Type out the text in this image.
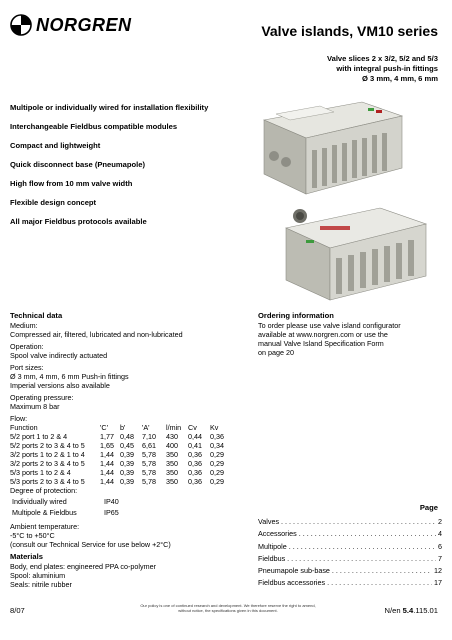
NORGREN	Valve islands, VM10 series
Valve slices 2 x 3/2, 5/2 and 5/3
with integral push-in fittings
Ø 3 mm, 4 mm, 6 mm
Multipole or individually wired for installation flexibility
Interchangeable Fieldbus compatible modules
Compact and lightweight
Quick disconnect base (Pneumapole)
High flow from 10 mm valve width
Flexible design concept
All major Fieldbus protocols available
Technical data
Medium:
Compressed air, filtered, lubricated and non-lubricated
Operation:
Spool valve indirectly actuated
Port sizes:
Ø 3 mm, 4 mm, 6 mm Push-in fittings
Imperial versions also available
Operating pressure:
Maximum 8 bar
Flow:
Function	'C'	b'	'A'	l/min	Cv	Kv
5/2 port 1 to 2 & 4	1,77	0,48	7,10	430	0,44	0,36
5/2 ports 2 to 3 & 4 to 5	1,65	0,45	6,61	400	0,41	0,34
3/2 ports 1 to 2 & 1 to 4	1,44	0,39	5,78	350	0,36	0,29
3/2 ports 2 to 3 & 4 to 5	1,44	0,39	5,78	350	0,36	0,29
5/3 ports 1 to 2 & 4	1,44	0,39	5,78	350	0,36	0,29
5/3 ports 2 to 3 & 4 to 5	1,44	0,39	5,78	350	0,36	0,29
Degree of protection:
Individually wired	IP40
Multipole & Fieldbus	IP65
Ambient temperature:
-5°C to +50°C
(consult our Technical Service for use below +2°C)
Materials
Body, end plates: engineered PPA co-polymer
Spool: aluminium
Seals: nitrile rubber
Ordering information
To order please use valve island configurator
available at www.norgren.com or use the
manual Valve Island Specification Form
on page 20
Page
Valves . . .	2
Accessories . . .	4
Multipole . . .	6
Fieldbus . . .	7
Pneumapole sub-base . . .	12
Fieldbus accessories . . .	17
8/07
Our policy is one of continued research and development. We therefore reserve the right to amend,
without notice, the specifications given in this document.	N/en 5.4.115.01
